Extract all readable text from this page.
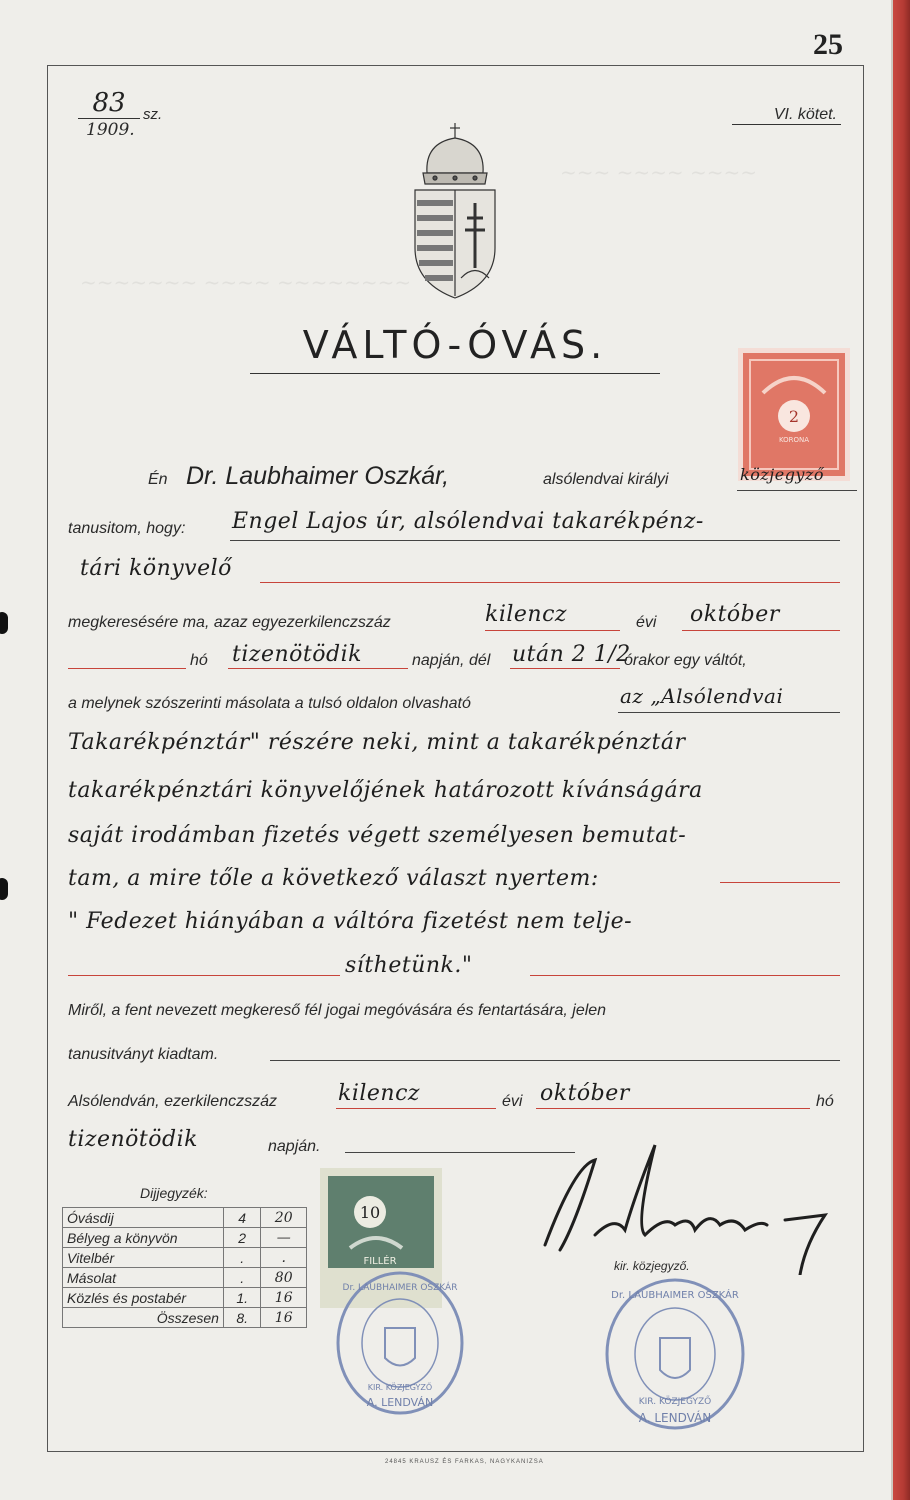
~~~ ~~~~ ~~~~
~~~~~~~ ~~~~ ~~~~~~~~
25
83	sz.
1909.
VI. kötet.
VÁLTÓ-ÓVÁS.
2
KORONA
Én Dr. Laubhaimer Oszkár,	alsólendvai királyi	közjegyző
tanusitom, hogy: Engel Lajos úr, alsólendvai takarékpénz-
tári könyvelő
megkeresésére ma, azaz egyezerkilenczszáz	kilencz	évi október
hó tizenötödik	napján, dél után 2 1/2
órakor egy váltót,
a melynek szószerinti másolata a tulsó oldalon olvasható	az „Alsólendvai
Takarékpénztár" részére neki, mint a takarékpénztár
takarékpénztári könyvelőjének határozott kívánságára
saját irodámban fizetés végett személyesen bemutat-
tam, a mire tőle a következő választ nyertem:
" Fedezet hiányában a váltóra fizetést nem telje-
síthetünk."
Miről, a fent nevezett megkereső fél jogai megóvására és fentartására, jelen
tanusitványt kiadtam.
Alsólendván, ezerkilenczszáz	kilencz	évi október	hó
tizenötödik	napján.
Dijjegyzék:
Óvásdij	4	20
Bélyeg a könyvön	2	—
Vitelbér	.	.
Másolat	.	80
Közlés és postabér	1.	16
Összesen	8.	16
10
FILLÉR
Dr. LAUBHAIMER OSZKÁR
KIR. KÖZJEGYZŐ
A. LENDVÁN
Dr. LAUBHAIMER OSZKÁR
KIR. KÖZJEGYZŐ
A. LENDVÁN
kir. közjegyző.
24845 KRAUSZ ÉS FARKAS, NAGYKANIZSA
